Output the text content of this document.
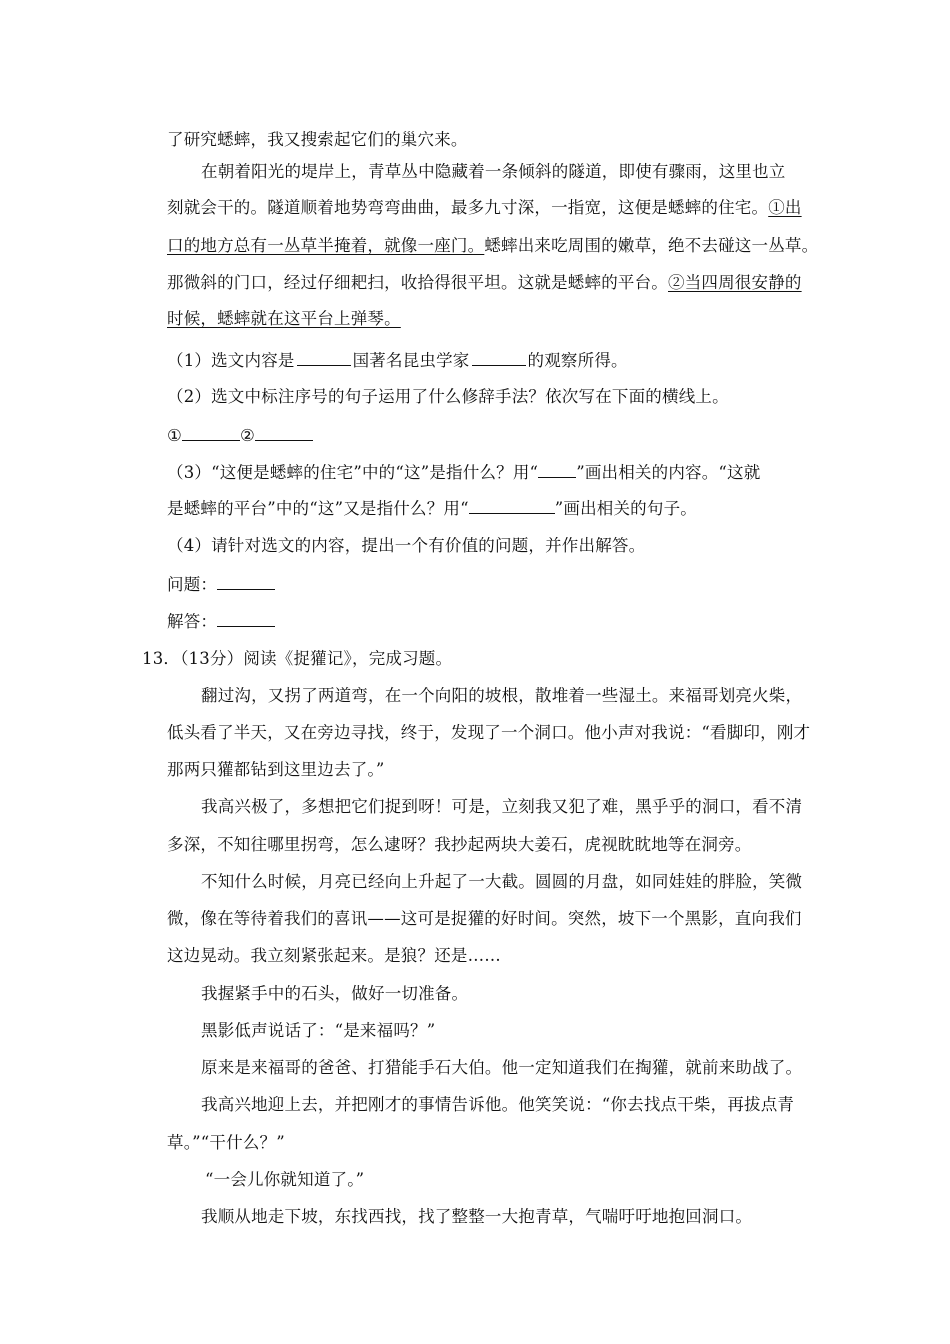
了研究蟋蟀，我又搜索起它们的巢穴来。
在朝着阳光的堤岸上，青草丛中隐藏着一条倾斜的隧道，即使有骤雨，这里也立
刻就会干的。隧道顺着地势弯弯曲曲，最多九寸深，一指宽，这便是蟋蟀的住宅。①出
口的地方总有一丛草半掩着，就像一座门。蟋蟀出来吃周围的嫩草，绝不去碰这一丛草。
那微斜的门口，经过仔细耙扫，收拾得很平坦。这就是蟋蟀的平台。②当四周很安静的
时候，蟋蟀就在这平台上弹琴。
（1）选文内容是	国著名昆虫学家	的观察所得。
（2）选文中标注序号的句子运用了什么修辞手法？依次写在下面的横线上。
①	②
（3）“这便是蟋蟀的住宅”中的“这”是指什么？用“ ”画出相关的内容。“这就
是蟋蟀的平台”中的“这”又是指什么？用“	”画出相关的句子。
（4）请针对选文的内容，提出一个有价值的问题，并作出解答。
问题：
解答：
13．（13分）阅读《捉獾记》，完成习题。
翻过沟，又拐了两道弯，在一个向阳的坡根，散堆着一些湿土。来福哥划亮火柴，
低头看了半天，又在旁边寻找，终于，发现了一个洞口。他小声对我说：“看脚印，刚才
那两只獾都钻到这里边去了。”
我高兴极了，多想把它们捉到呀！可是，立刻我又犯了难，黑乎乎的洞口，看不清
多深，不知往哪里拐弯，怎么逮呀？我抄起两块大姜石，虎视眈眈地等在洞旁。
不知什么时候，月亮已经向上升起了一大截。圆圆的月盘，如同娃娃的胖脸，笑微
微，像在等待着我们的喜讯——这可是捉獾的好时间。突然，坡下一个黑影，直向我们
这边晃动。我立刻紧张起来。是狼？还是……
我握紧手中的石头，做好一切准备。
黑影低声说话了：“是来福吗？”
原来是来福哥的爸爸、打猎能手石大伯。他一定知道我们在掏獾，就前来助战了。
我高兴地迎上去，并把刚才的事情告诉他。他笑笑说：“你去找点干柴，再拔点青
草。”“干什么？”
“一会儿你就知道了。”
我顺从地走下坡，东找西找，找了整整一大抱青草，气喘吁吁地抱回洞口。
